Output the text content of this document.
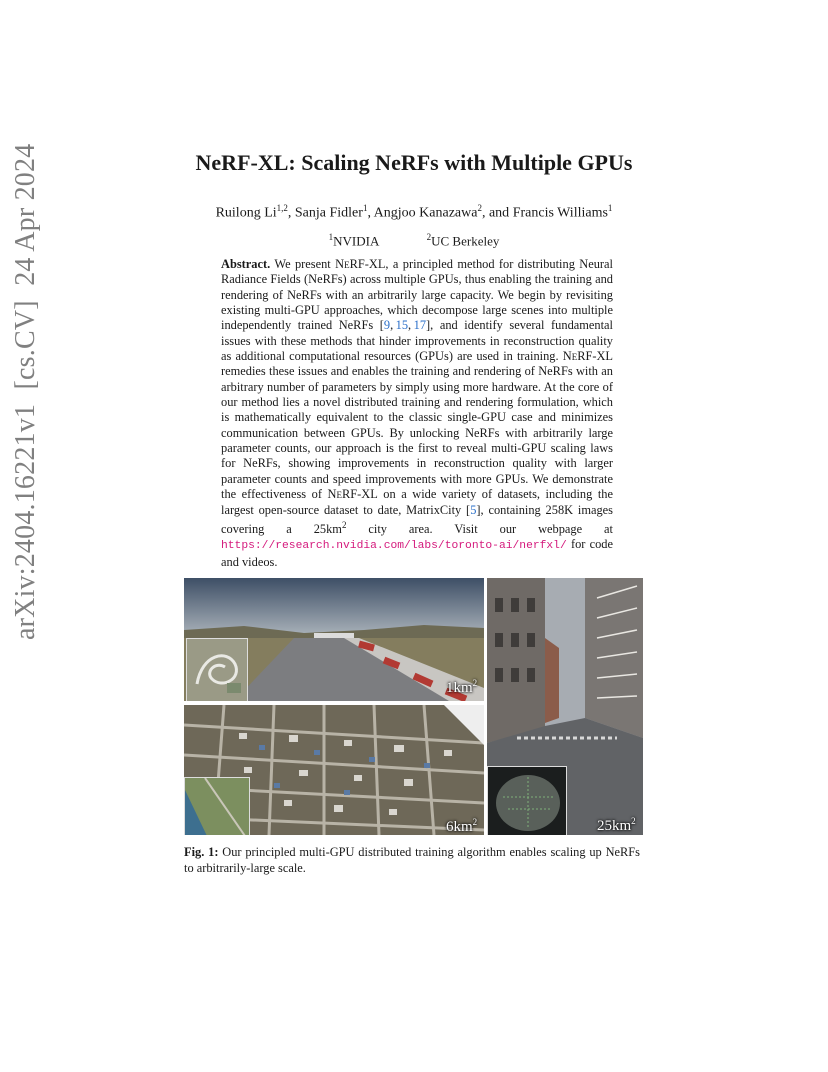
arXiv:2404.16221v1  [cs.CV]  24 Apr 2024	NeRF-XL: Scaling NeRFs with Multiple GPUs
Ruilong Li$^{1,2}$, Sanja Fidler$^1$, Angjoo Kanazawa$^2$, and Francis Williams$^1$
$^1$NVIDIA	$^2$UC Berkeley
Abstract. We present NeRF-XL, a principled method for distributing Neural Radiance Fields (NeRFs) across multiple GPUs, thus enabling the training and rendering of NeRFs with an arbitrarily large capacity. We begin by revisiting existing multi-GPU approaches, which decompose large scenes into multiple independently trained NeRFs [9, 15, 17], and identify several fundamental issues with these methods that hinder improvements in reconstruction quality as additional computational resources (GPUs) are used in training. NeRF-XL remedies these issues and enables the training and rendering of NeRFs with an arbitrary number of parameters by simply using more hardware. At the core of our method lies a novel distributed training and rendering formulation, which is mathematically equivalent to the classic single-GPU case and minimizes communication between GPUs. By unlocking NeRFs with arbitrarily large parameter counts, our approach is the first to reveal multi-GPU scaling laws for NeRFs, showing improvements in reconstruction quality with larger parameter counts and speed improvements with more GPUs. We demonstrate the effectiveness of NeRF-XL on a wide variety of datasets, including the largest open-source dataset to date, MatrixCity [5], containing 258K images covering a $25km^2$ city area. Visit our webpage at https://research.nvidia.com/labs/toronto-ai/nerfxl/ for code and videos.
$1km^2$
$6km^2$	$25km^2$
Fig. 1: Our principled multi-GPU distributed training algorithm enables scaling up NeRFs to arbitrarily-large scale.
